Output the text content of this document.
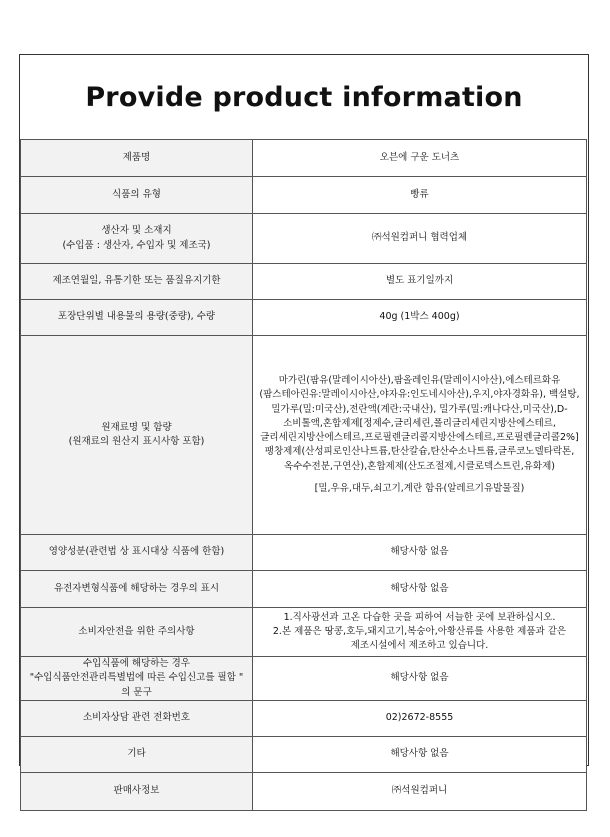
Provide product information
제품명	오븐에 구운 도너츠
식품의 유형	빵류
생산자 및 소재지
(수입품 : 생산자, 수입자 및 제조국)	㈜석원컴퍼니 협력업체
제조연월일, 유통기한 또는 품질유지기한	별도 표기일까지
포장단위별 내용물의 용량(중량), 수량	40g (1박스 400g)
원재료명 및 함량
(원재료의 원산지 표시사항 포함)	마가린(팜유(말레이시아산),팜올레인유(말레이시아산),에스테르화유(팜스테아린유:말레이시아산,야자유:인도네시아산),우지,야자경화유), 백설탕,밀가루(밀:미국산),전란액(계란:국내산), 밀가루(밀:캐나다산,미국산),D-소비톨액,혼합제제[정제수,글리세린,폴리글리세린지방산에스테르, 글리세린지방산에스테르,프로필렌글리콜지방산에스테르,프로필렌글리콜2%] 팽창제제(산성피로인산나트륨,탄산칼슘,탄산수소나트륨,글루코노델타락톤,옥수수전분,구연산),혼합제제(산도조절제,시클로덱스트린,유화제)
[밀,우유,대두,쇠고기,계란 함유(알레르기유발물질)
영양성분(관련법 상 표시대상 식품에 한함)	해당사항 없음
유전자변형식품에 해당하는 경우의 표시	해당사항 없음
소비자안전을 위한 주의사항	1.직사광선과 고온 다습한 곳을 피하여 서늘한 곳에 보관하십시오.
2.본 제품은 땅콩,호두,돼지고기,복숭아,아황산류를 사용한 제품과 같은 제조시설에서 제조하고 있습니다.
수입식품에 해당하는 경우 "수입식품안전관리특별법에 따른 수입신고를 필함 " 의 문구	해당사항 없음
소비자상담 관련 전화번호	02)2672-8555
기타	해당사항 없음
판매사정보	㈜석원컴퍼니
